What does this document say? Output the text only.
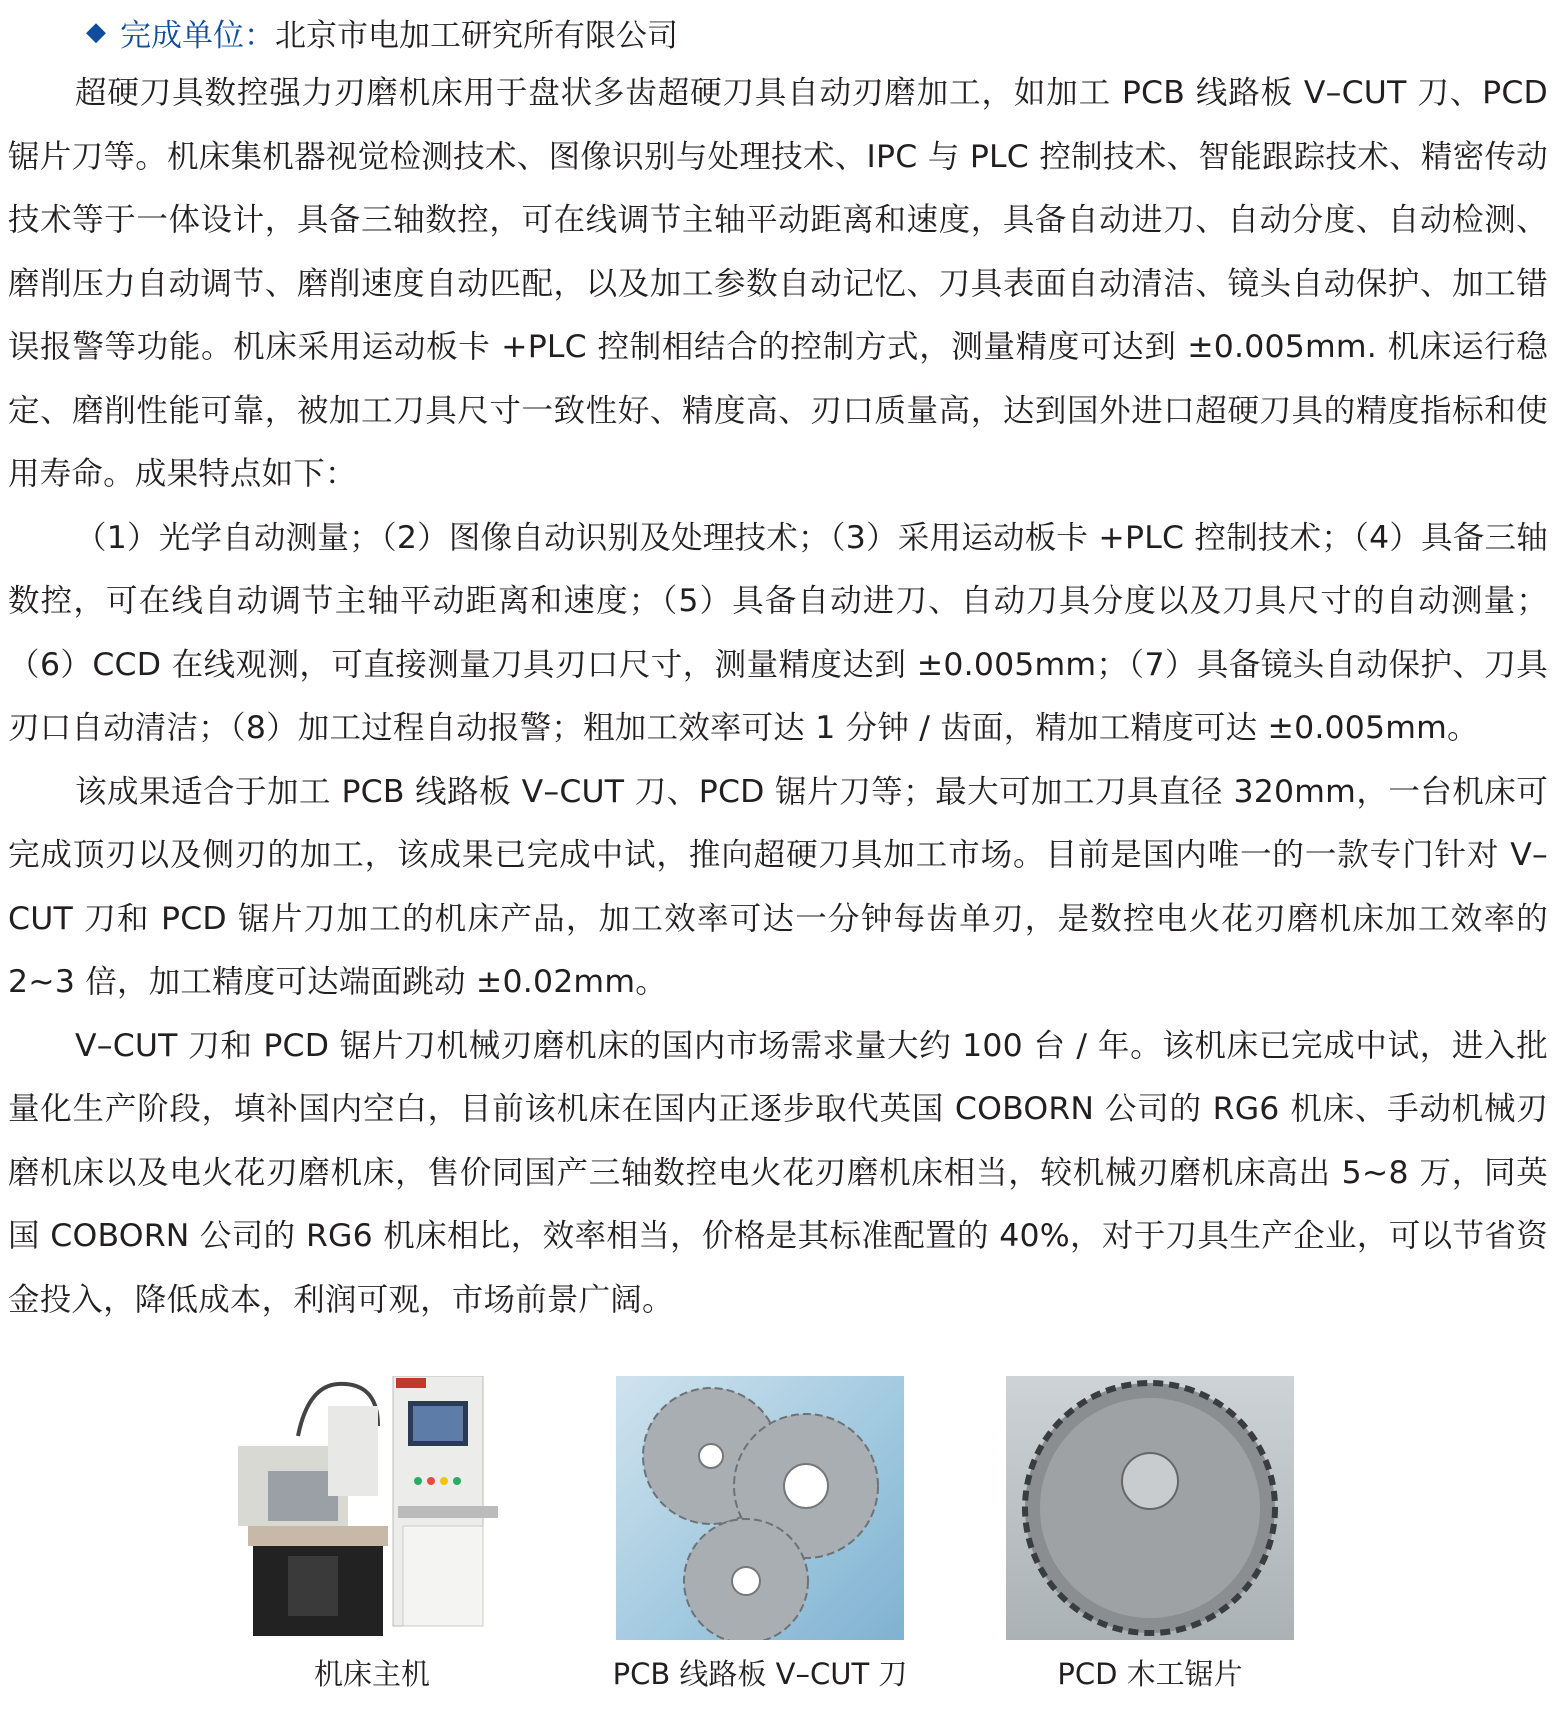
◆ 完成单位： 北京市电加工研究所有限公司

超硬刀具数控强力刃磨机床用于盘状多齿超硬刀具自动刃磨加工，如加工 PCB 线路板 V–CUT 刀、PCD 锯片刀等。机床集机器视觉检测技术、图像识别与处理技术、IPC 与 PLC 控制技术、智能跟踪技术、精密传动技术等于一体设计，具备三轴数控，可在线调节主轴平动距离和速度，具备自动进刀、自动分度、自动检测、磨削压力自动调节、磨削速度自动匹配，以及加工参数自动记忆、刀具表面自动清洁、镜头自动保护、加工错误报警等功能。机床采用运动板卡 +PLC 控制相结合的控制方式，测量精度可达到 ±0.005mm. 机床运行稳定、磨削性能可靠，被加工刀具尺寸一致性好、精度高、刃口质量高，达到国外进口超硬刀具的精度指标和使用寿命。成果特点如下：

（1）光学自动测量；（2）图像自动识别及处理技术；（3）采用运动板卡 +PLC 控制技术；（4）具备三轴数控，可在线自动调节主轴平动距离和速度；（5）具备自动进刀、自动刀具分度以及刀具尺寸的自动测量；（6）CCD 在线观测，可直接测量刀具刃口尺寸，测量精度达到 ±0.005mm；（7）具备镜头自动保护、刀具刃口自动清洁；（8）加工过程自动报警；粗加工效率可达 1 分钟 / 齿面，精加工精度可达 ±0.005mm。

该成果适合于加工 PCB 线路板 V–CUT 刀、PCD 锯片刀等；最大可加工刀具直径 320mm，一台机床可完成顶刃以及侧刃的加工，该成果已完成中试，推向超硬刀具加工市场。目前是国内唯一的一款专门针对 V–CUT 刀和 PCD 锯片刀加工的机床产品，加工效率可达一分钟每齿单刃，是数控电火花刃磨机床加工效率的 2~3 倍，加工精度可达端面跳动 ±0.02mm。

V–CUT 刀和 PCD 锯片刀机械刃磨机床的国内市场需求量大约 100 台 / 年。该机床已完成中试，进入批量化生产阶段，填补国内空白，目前该机床在国内正逐步取代英国 COBORN 公司的 RG6 机床、手动机械刃磨机床以及电火花刃磨机床，售价同国产三轴数控电火花刃磨机床相当，较机械刃磨机床高出 5~8 万，同英国 COBORN 公司的 RG6 机床相比，效率相当，价格是其标准配置的 40%，对于刀具生产企业，可以节省资金投入，降低成本，利润可观，市场前景广阔。

机床主机	PCB 线路板 V–CUT 刀	PCD 木工锯片
